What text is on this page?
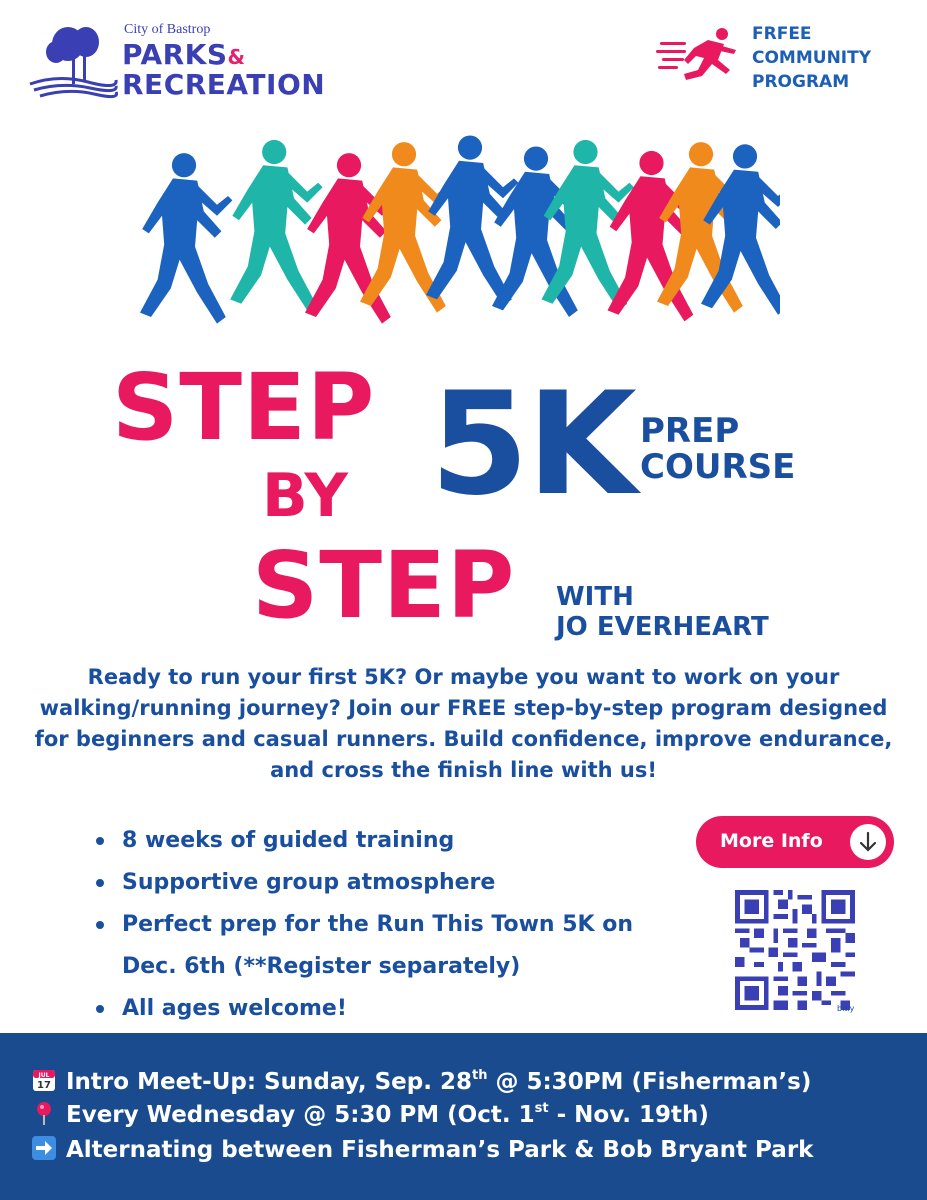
City of Bastrop
PARKS&
RECREATION
FRFEE
COMMUNITY
PROGRAM
STEP
BY
STEP
5K PREP
COURSE
WITH
JO EVERHEART
Ready to run your first 5K? Or maybe you want to work on your walking/running journey? Join our FREE step-by-step program designed for beginners and casual runners. Build confidence, improve endurance, and cross the finish line with us!
8 weeks of guided training
Supportive group atmosphere
Perfect prep for the Run This Town 5K on Dec. 6th (**Register separately)
All ages welcome!
More Info
bitly
JUL
17 Intro Meet-Up: Sunday, Sep. 28th @ 5:30PM (Fisherman’s)
Every Wednesday @ 5:30 PM (Oct. 1st - Nov. 19th)
Alternating between Fisherman’s Park & Bob Bryant Park
